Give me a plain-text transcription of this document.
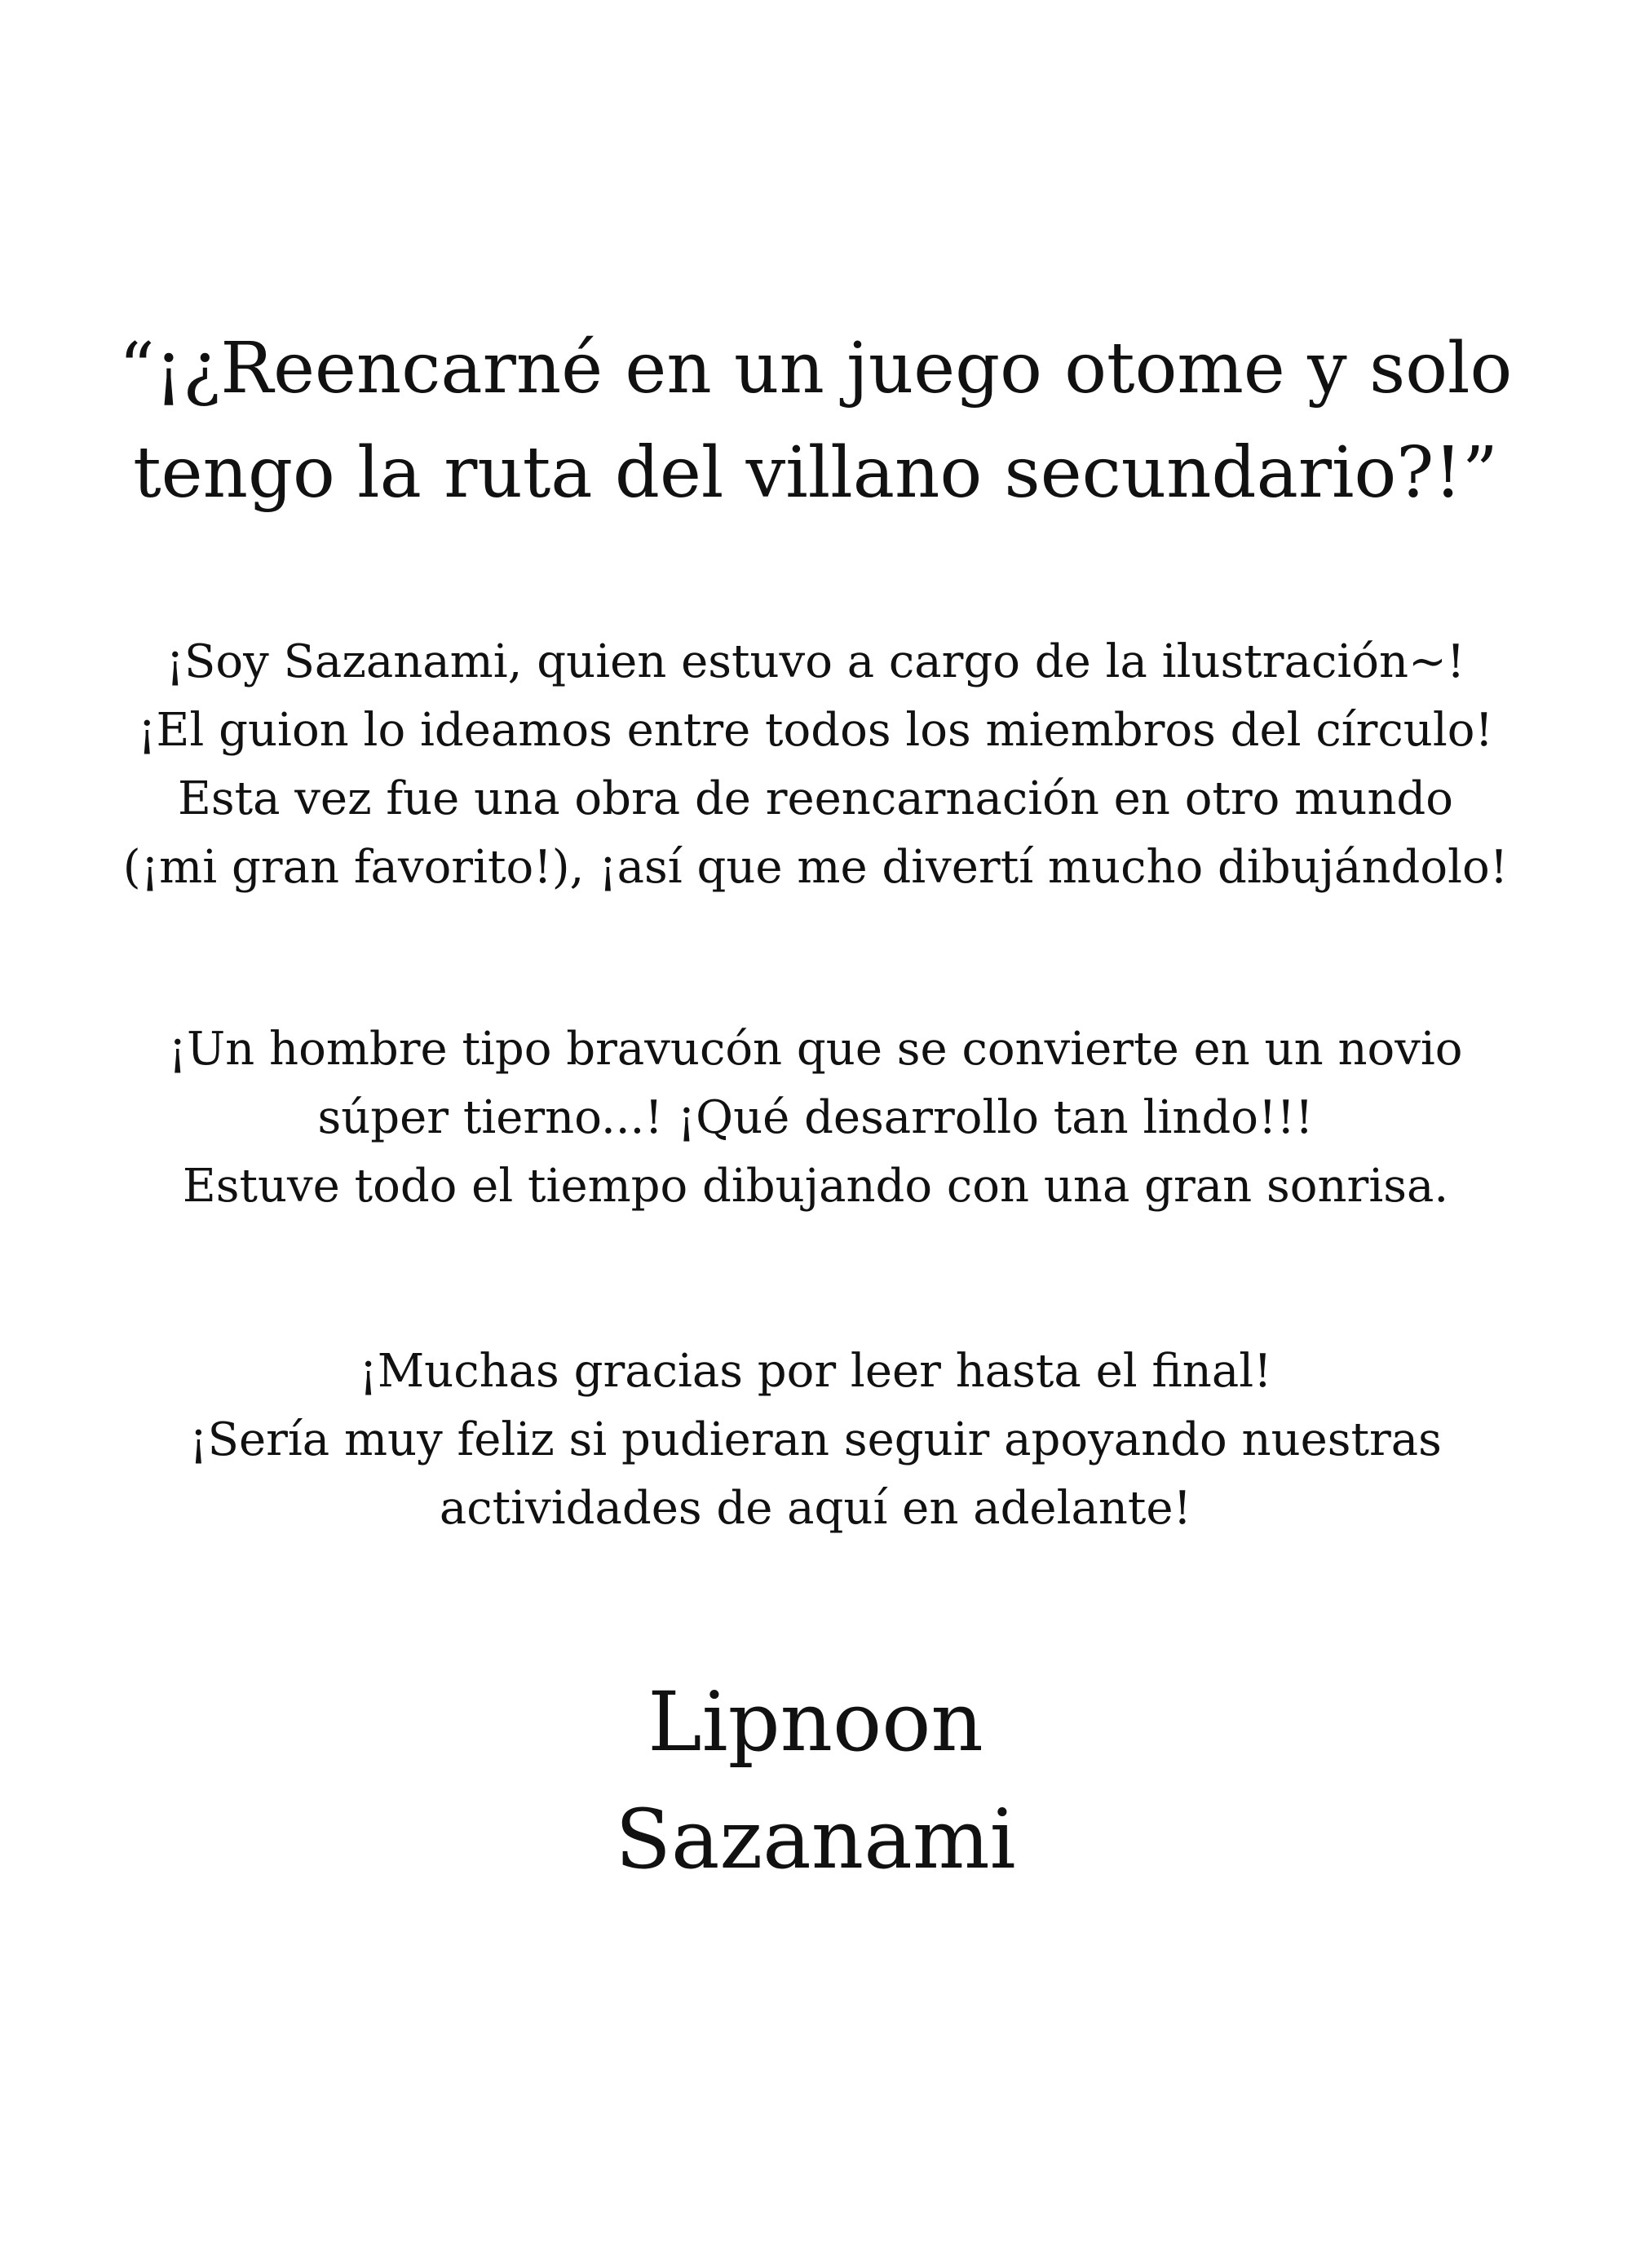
“¡¿Reencarné en un juego otome y solo
tengo la ruta del villano secundario?!”

¡Soy Sazanami, quien estuvo a cargo de la ilustración~!
¡El guion lo ideamos entre todos los miembros del círculo!
Esta vez fue una obra de reencarnación en otro mundo
(¡mi gran favorito!), ¡así que me divertí mucho dibujándolo!

¡Un hombre tipo bravucón que se convierte en un novio
súper tierno...! ¡Qué desarrollo tan lindo!!!
Estuve todo el tiempo dibujando con una gran sonrisa.

¡Muchas gracias por leer hasta el final!
¡Sería muy feliz si pudieran seguir apoyando nuestras
actividades de aquí en adelante!

Lipnoon
Sazanami
